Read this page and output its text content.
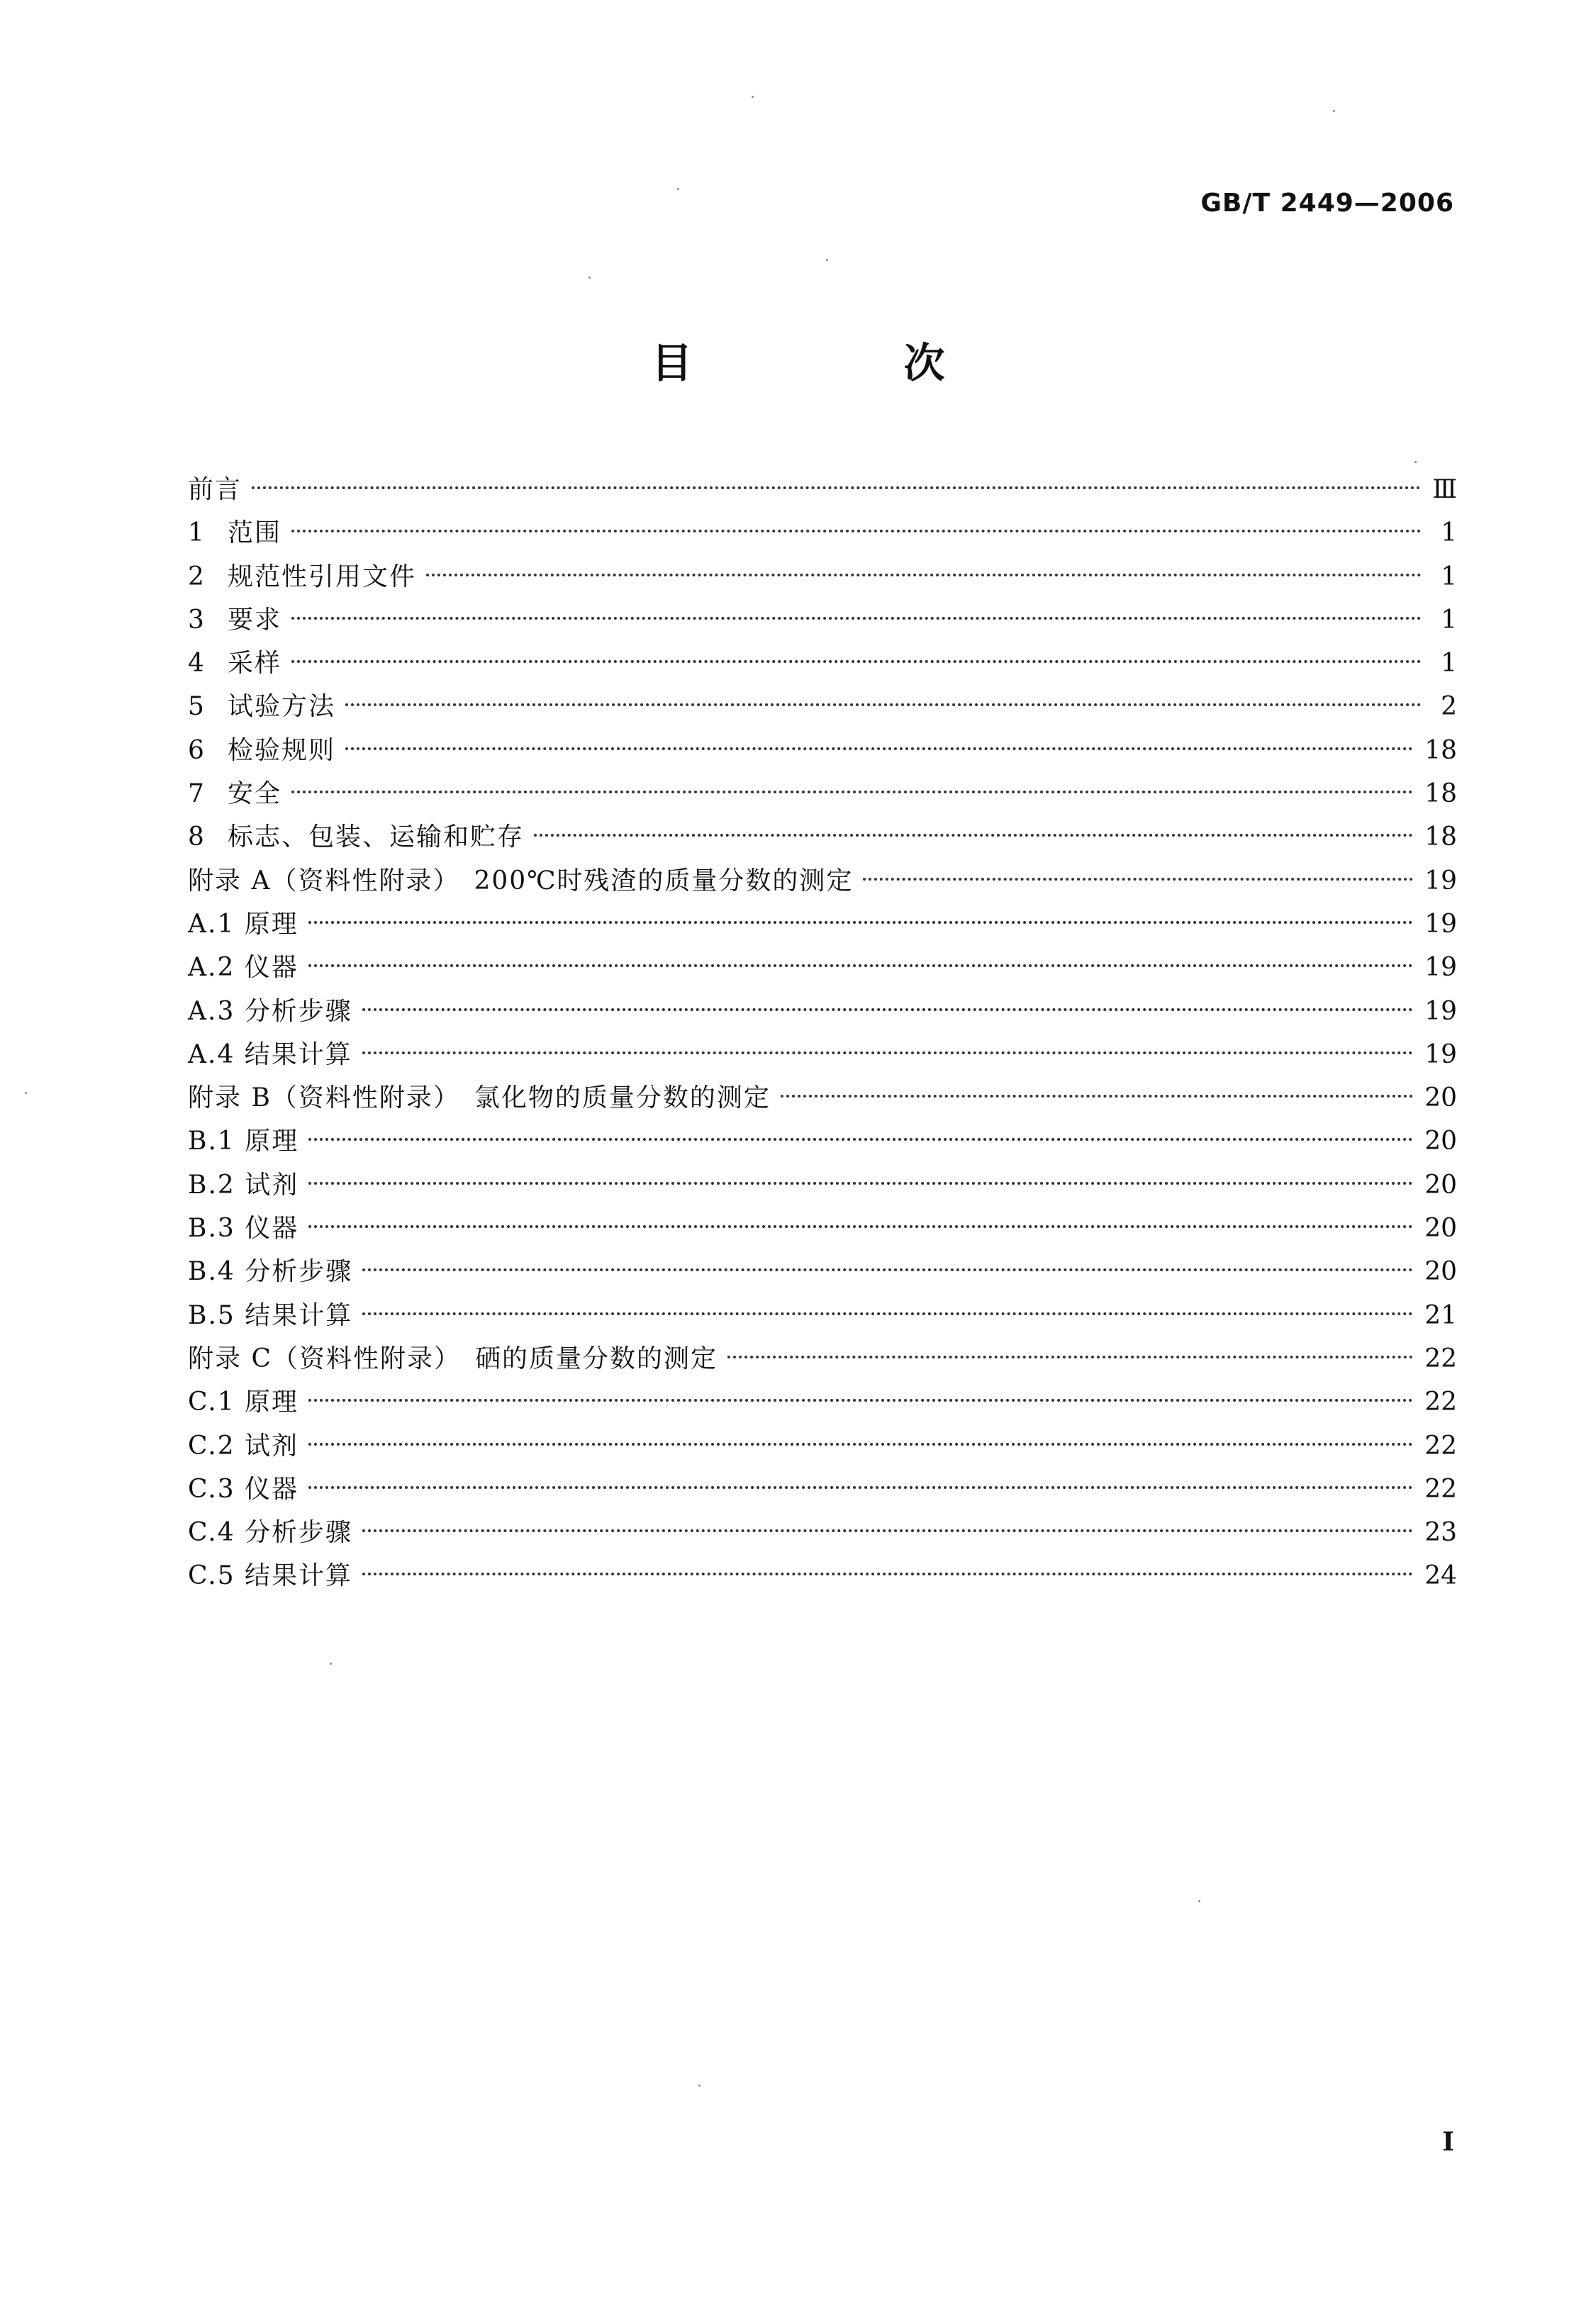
GB/T 2449—2006
目　次
前言	Ⅲ
1 范围	1
2 规范性引用文件	1
3 要求	1
4 采样	1
5 试验方法	2
6 检验规则	18
7 安全	18
8 标志、包装、运输和贮存	18
附录 A（资料性附录）　200℃时残渣的质量分数的测定	19
A.1 原理	19
A.2 仪器	19
A.3 分析步骤	19
A.4 结果计算	19
附录 B（资料性附录）　氯化物的质量分数的测定	20
B.1 原理	20
B.2 试剂	20
B.3 仪器	20
B.4 分析步骤	20
B.5 结果计算	21
附录 C（资料性附录）　硒的质量分数的测定	22
C.1 原理	22
C.2 试剂	22
C.3 仪器	22
C.4 分析步骤	23
C.5 结果计算	24
I
